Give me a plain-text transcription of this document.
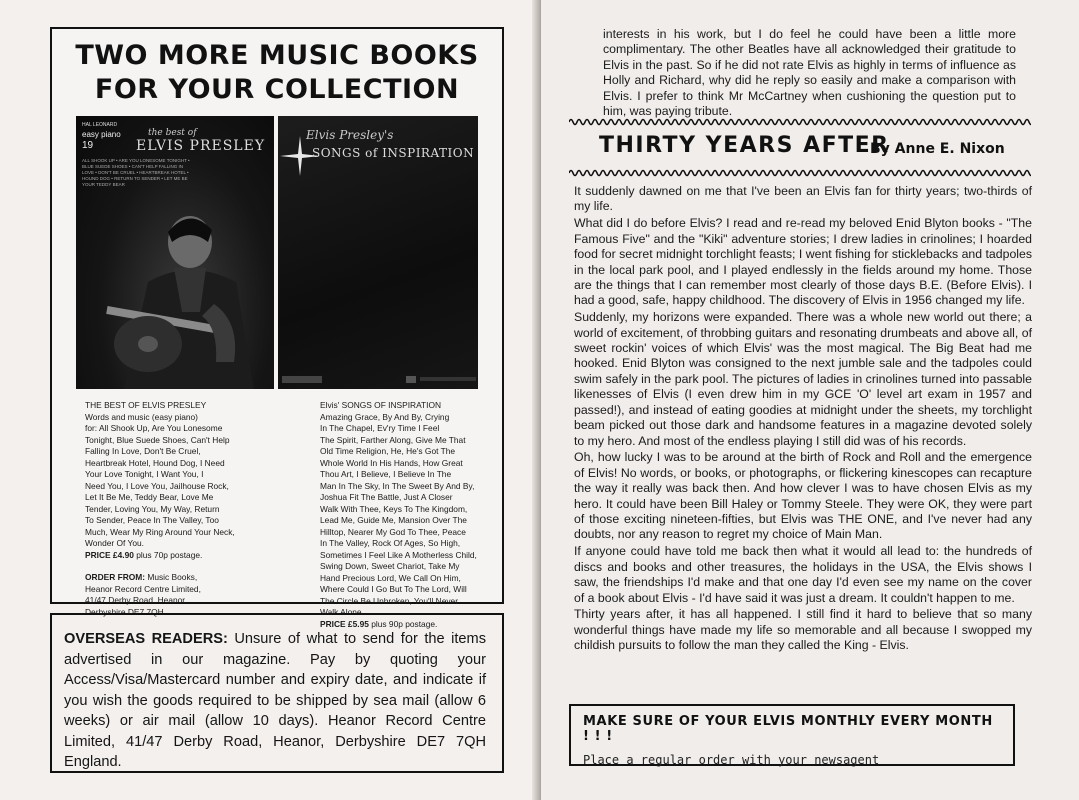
TWO MORE MUSIC BOOKS
FOR YOUR COLLECTION
HAL LEONARD
easy piano
19
the best of
ELVIS PRESLEY
ALL SHOOK UP • ARE YOU LONESOME TONIGHT • BLUE SUEDE SHOES • CAN'T HELP FALLING IN LOVE • DON'T BE CRUEL • HEARTBREAK HOTEL • HOUND DOG • RETURN TO SENDER • LET ME BE YOUR TEDDY BEAR
Elvis Presley's
SONGS of INSPIRATION

THE BEST OF ELVIS PRESLEY

Words and music (easy piano)

for: All Shook Up, Are You Lonesome

Tonight, Blue Suede Shoes, Can't Help

Falling In Love, Don't Be Cruel,

Heartbreak Hotel, Hound Dog, I Need

Your Love Tonight, I Want You, I

Need You, I Love You, Jailhouse Rock,

Let It Be Me, Teddy Bear, Love Me

Tender, Loving You, My Way, Return

To Sender, Peace In The Valley, Too

Much, Wear My Ring Around Your Neck,

Wonder Of You.

PRICE £4.90 plus 70p postage.

ORDER FROM: Music Books,

Heanor Record Centre Limited,

41/47 Derby Road, Heanor,

Derbyshire DE7 7QH.

Elvis' SONGS OF INSPIRATION

Amazing Grace, By And By, Crying

In The Chapel, Ev'ry Time I Feel

The Spirit, Farther Along, Give Me That

Old Time Religion, He, He's Got The

Whole World In His Hands, How Great

Thou Art, I Believe, I Believe In The

Man In The Sky, In The Sweet By And By,

Joshua Fit The Battle, Just A Closer

Walk With Thee, Keys To The Kingdom,

Lead Me, Guide Me, Mansion Over The

Hilltop, Nearer My God To Thee, Peace

In The Valley, Rock Of Ages, So High,

Sometimes I Feel Like A Motherless Child,

Swing Down, Sweet Chariot, Take My

Hand Precious Lord, We Call On Him,

Where Could I Go But To The Lord, Will

The Circle Be Unbroken, You'll Never

Walk Alone.

PRICE £5.95 plus 90p postage.

OVERSEAS READERS: Unsure of what to send for the items advertised in our magazine. Pay by quoting your Access/Visa/Mastercard number and expiry date, and indicate if you wish the goods required to be shipped by sea mail (allow 6 weeks) or air mail (allow 10 days). Heanor Record Centre Limited, 41/47 Derby Road, Heanor, Derbyshire DE7 7QH England.
interests in his work, but I do feel he could have been a little more complimentary. The other Beatles have all acknowledged their gratitude to Elvis in the past. So if he did not rate Elvis as highly in terms of influence as Holly and Richard, why did he reply so easily and make a comparison with Elvis. I prefer to think Mr McCartney when cushioning the question put to him, was paying tribute.
THIRTY YEARS AFTER
By Anne E. Nixon

It suddenly dawned on me that I've been an Elvis fan for thirty years; two-thirds of my life.

What did I do before Elvis? I read and re-read my beloved Enid Blyton books - "The Famous Five" and the "Kiki" adventure stories; I drew ladies in crinolines; I hoarded food for secret midnight torchlight feasts; I went fishing for sticklebacks and tadpoles in the local park pool, and I played endlessly in the fields around my home. Those are the things that I can remember most clearly of those days B.E. (Before Elvis). I had a good, safe, happy childhood. The discovery of Elvis in 1956 changed my life.

Suddenly, my horizons were expanded. There was a whole new world out there; a world of excitement, of throbbing guitars and resonating drumbeats and above all, of sweet rockin' voices of which Elvis' was the most magical. The Big Beat had me hooked. Enid Blyton was consigned to the next jumble sale and the tadpoles could swim safely in the park pool. The pictures of ladies in crinolines turned into passable likenesses of Elvis (I even drew him in my GCE 'O' level art exam in 1957 and passed!), and instead of eating goodies at midnight under the sheets, my torchlight beam picked out those dark and handsome features in a magazine devoted solely to my hero. And most of the endless playing I still did was of his records.

Oh, how lucky I was to be around at the birth of Rock and Roll and the emergence of Elvis! No words, or books, or photographs, or flickering kinescopes can recapture the way it really was back then. And how clever I was to have chosen Elvis as my hero. It could have been Bill Haley or Tommy Steele. They were OK, they were part of those exciting nineteen-fifties, but Elvis was THE ONE, and I've never had any doubts, nor any reason to regret my choice of Main Man.

If anyone could have told me back then what it would all lead to: the hundreds of discs and books and other treasures, the holidays in the USA, the Elvis shows I saw, the friendships I'd make and that one day I'd even see my name on the cover of a book about Elvis - I'd have said it was just a dream. It couldn't happen to me.

Thirty years after, it has all happened. I still find it hard to believe that so many wonderful things have made my life so memorable and all because I swopped my childish pursuits to follow the man they called the King - Elvis.

MAKE SURE OF YOUR ELVIS MONTHLY EVERY MONTH ! ! !
Place a regular order with your newsagent
